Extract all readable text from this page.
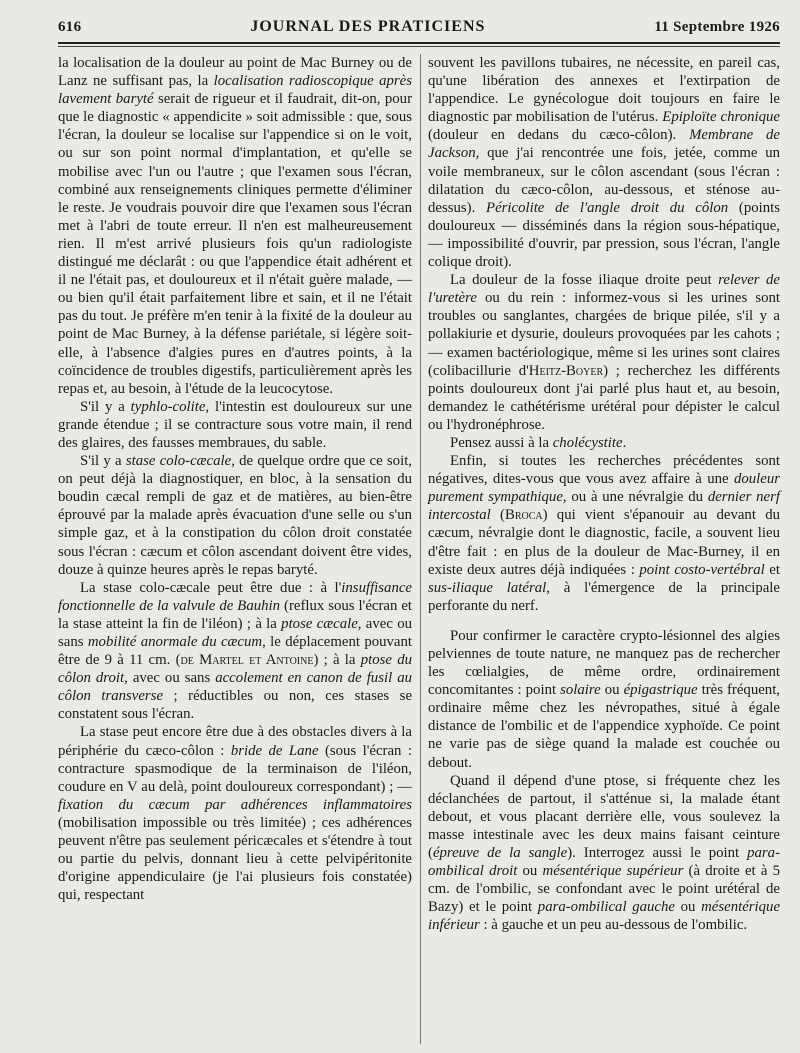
616	JOURNAL DES PRATICIENS	11 Septembre 1926

la localisation de la douleur au point de Mac Burney ou de Lanz ne suffisant pas, la localisation radioscopique après lavement baryté serait de rigueur et il faudrait, dit-on, pour que le diagnostic « appendicite » soit admissible : que, sous l'écran, la douleur se localise sur l'appendice si on le voit, ou sur son point normal d'implantation, et qu'elle se mobilise avec l'un ou l'autre ; que l'examen sous l'écran, combiné aux renseignements cliniques permette d'éliminer le reste. Je voudrais pouvoir dire que l'examen sous l'écran met à l'abri de toute erreur. Il n'en est malheureusement rien. Il m'est arrivé plusieurs fois qu'un radiologiste distingué me déclarât : ou que l'appendice était adhérent et il ne l'était pas, et douloureux et il n'était guère malade, — ou bien qu'il était parfaitement libre et sain, et il ne l'était pas du tout. Je préfère m'en tenir à la fixité de la douleur au point de Mac Burney, à la défense pariétale, si légère soit-elle, à l'absence d'algies pures en d'autres points, à la coïncidence de troubles digestifs, particulièrement après les repas et, au besoin, à l'étude de la leucocytose.

S'il y a typhlo-colite, l'intestin est douloureux sur une grande étendue ; il se contracture sous votre main, il rend des glaires, des fausses membraues, du sable.

S'il y a stase colo-cæcale, de quelque ordre que ce soit, on peut déjà la diagnostiquer, en bloc, à la sensation du boudin cæcal rempli de gaz et de matières, au bien-être éprouvé par la malade après évacuation d'une selle ou s'un simple gaz, et à la constipation du côlon droit constatée sous l'écran : cæcum et côlon ascendant doivent être vides, douze à quinze heures après le repas baryté.

La stase colo-cæcale peut être due : à l'insuffisance fonctionnelle de la valvule de Bauhin (reflux sous l'écran et la stase atteint la fin de l'iléon) ; à la ptose cæcale, avec ou sans mobilité anormale du cæcum, le déplacement pouvant être de 9 à 11 cm. (de Martel et Antoine) ; à la ptose du côlon droit, avec ou sans accolement en canon de fusil au côlon transverse ; réductibles ou non, ces stases se constatent sous l'écran.

La stase peut encore être due à des obstacles divers à la périphérie du cæco-côlon : bride de Lane (sous l'écran : contracture spasmodique de la terminaison de l'iléon, coudure en V au delà, point douloureux correspondant) ; — fixation du cæcum par adhérences inflammatoires (mobilisation impossible ou très limitée) ; ces adhérences peuvent n'être pas seulement péricæcales et s'étendre à tout ou partie du pelvis, donnant lieu à cette pelvipéritonite d'origine appendiculaire (je l'ai plusieurs fois constatée) qui, respectant

souvent les pavillons tubaires, ne nécessite, en pareil cas, qu'une libération des annexes et l'extirpation de l'appendice. Le gynécologue doit toujours en faire le diagnostic par mobilisation de l'utérus. Epiploïte chronique (douleur en dedans du cæco-côlon). Membrane de Jackson, que j'ai rencontrée une fois, jetée, comme un voile membraneux, sur le côlon ascendant (sous l'écran : dilatation du cæco-côlon, au-dessous, et sténose au-dessus). Péricolite de l'angle droit du côlon (points douloureux — disséminés dans la région sous-hépatique, — impossibilité d'ouvrir, par pression, sous l'écran, l'angle colique droit).

La douleur de la fosse iliaque droite peut relever de l'uretère ou du rein : informez-vous si les urines sont troubles ou sanglantes, chargées de brique pilée, s'il y a pollakiurie et dysurie, douleurs provoquées par les cahots ; — examen bactériologique, même si les urines sont claires (colibacillurie d'Heitz-Boyer) ; recherchez les différents points douloureux dont j'ai parlé plus haut et, au besoin, demandez le cathétérisme urétéral pour dépister le calcul ou l'hydronéphrose.

Pensez aussi à la cholécystite.

Enfin, si toutes les recherches précédentes sont négatives, dites-vous que vous avez affaire à une douleur purement sympathique, ou à une névralgie du dernier nerf intercostal (Broca) qui vient s'épanouir au devant du cæcum, névralgie dont le diagnostic, facile, a souvent lieu d'être fait : en plus de la douleur de Mac-Burney, il en existe deux autres déjà indiquées : point costo-vertébral et sus-iliaque latéral, à l'émergence de la principale perforante du nerf.

Pour confirmer le caractère crypto-lésionnel des algies pelviennes de toute nature, ne manquez pas de rechercher les cœlialgies, de même ordre, ordinairement concomitantes : point solaire ou épigastrique très fréquent, ordinaire même chez les névropathes, situé à égale distance de l'ombilic et de l'appendice xyphoïde. Ce point ne varie pas de siège quand la malade est couchée ou debout.

Quand il dépend d'une ptose, si fréquente chez les déclanchées de partout, il s'atténue si, la malade étant debout, et vous placant derrière elle, vous soulevez la masse intestinale avec les deux mains faisant ceinture (épreuve de la sangle). Interrogez aussi le point para-ombilical droit ou mésentérique supérieur (à droite et à 5 cm. de l'ombilic, se confondant avec le point urétéral de Bazy) et le point para-ombilical gauche ou mésentérique inférieur : à gauche et un peu au-dessous de l'ombilic.
